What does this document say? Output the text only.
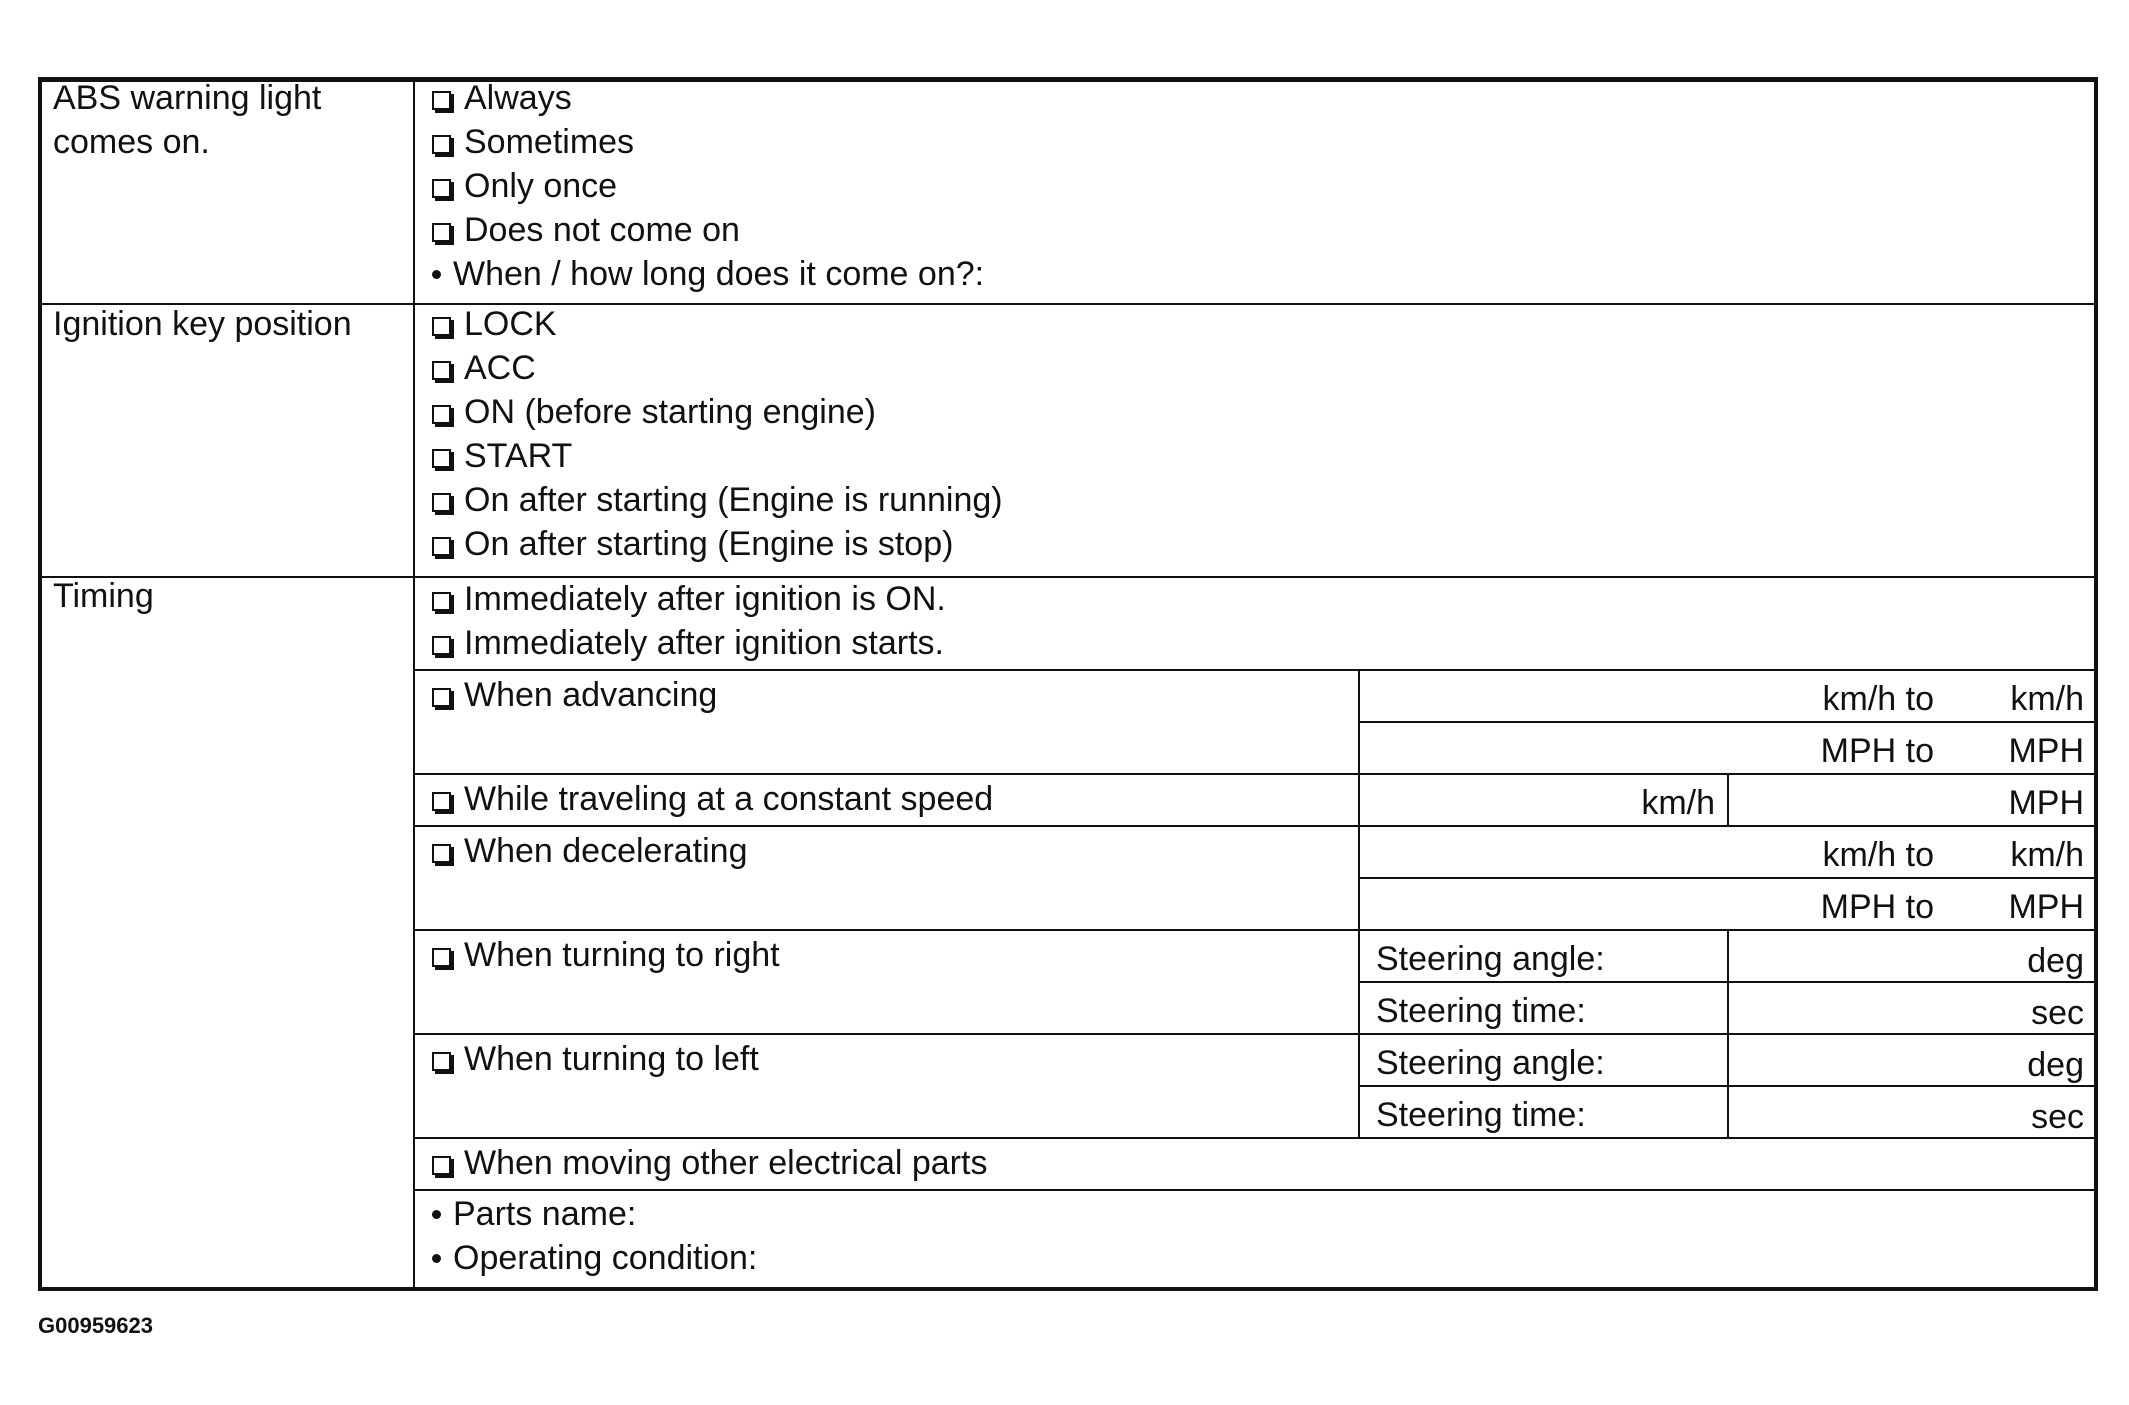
ABS warning light
comes on.
Always
Sometimes
Only once
Does not come on
When / how long does it come on?:
Ignition key position	LOCK
ACC
ON (before starting engine)
START
On after starting (Engine is running)
On after starting (Engine is stop)
Timing	Immediately after ignition is ON.
Immediately after ignition starts.
When advancing	km/h to	km/h
MPH to	MPH
While traveling at a constant speed	km/h	MPH
When decelerating	km/h to	km/h
MPH to	MPH
When turning to right	Steering angle:	deg
Steering time:	sec
When turning to left	Steering angle:	deg
Steering time:	sec
When moving other electrical parts
Parts name:
Operating condition:
G00959623
